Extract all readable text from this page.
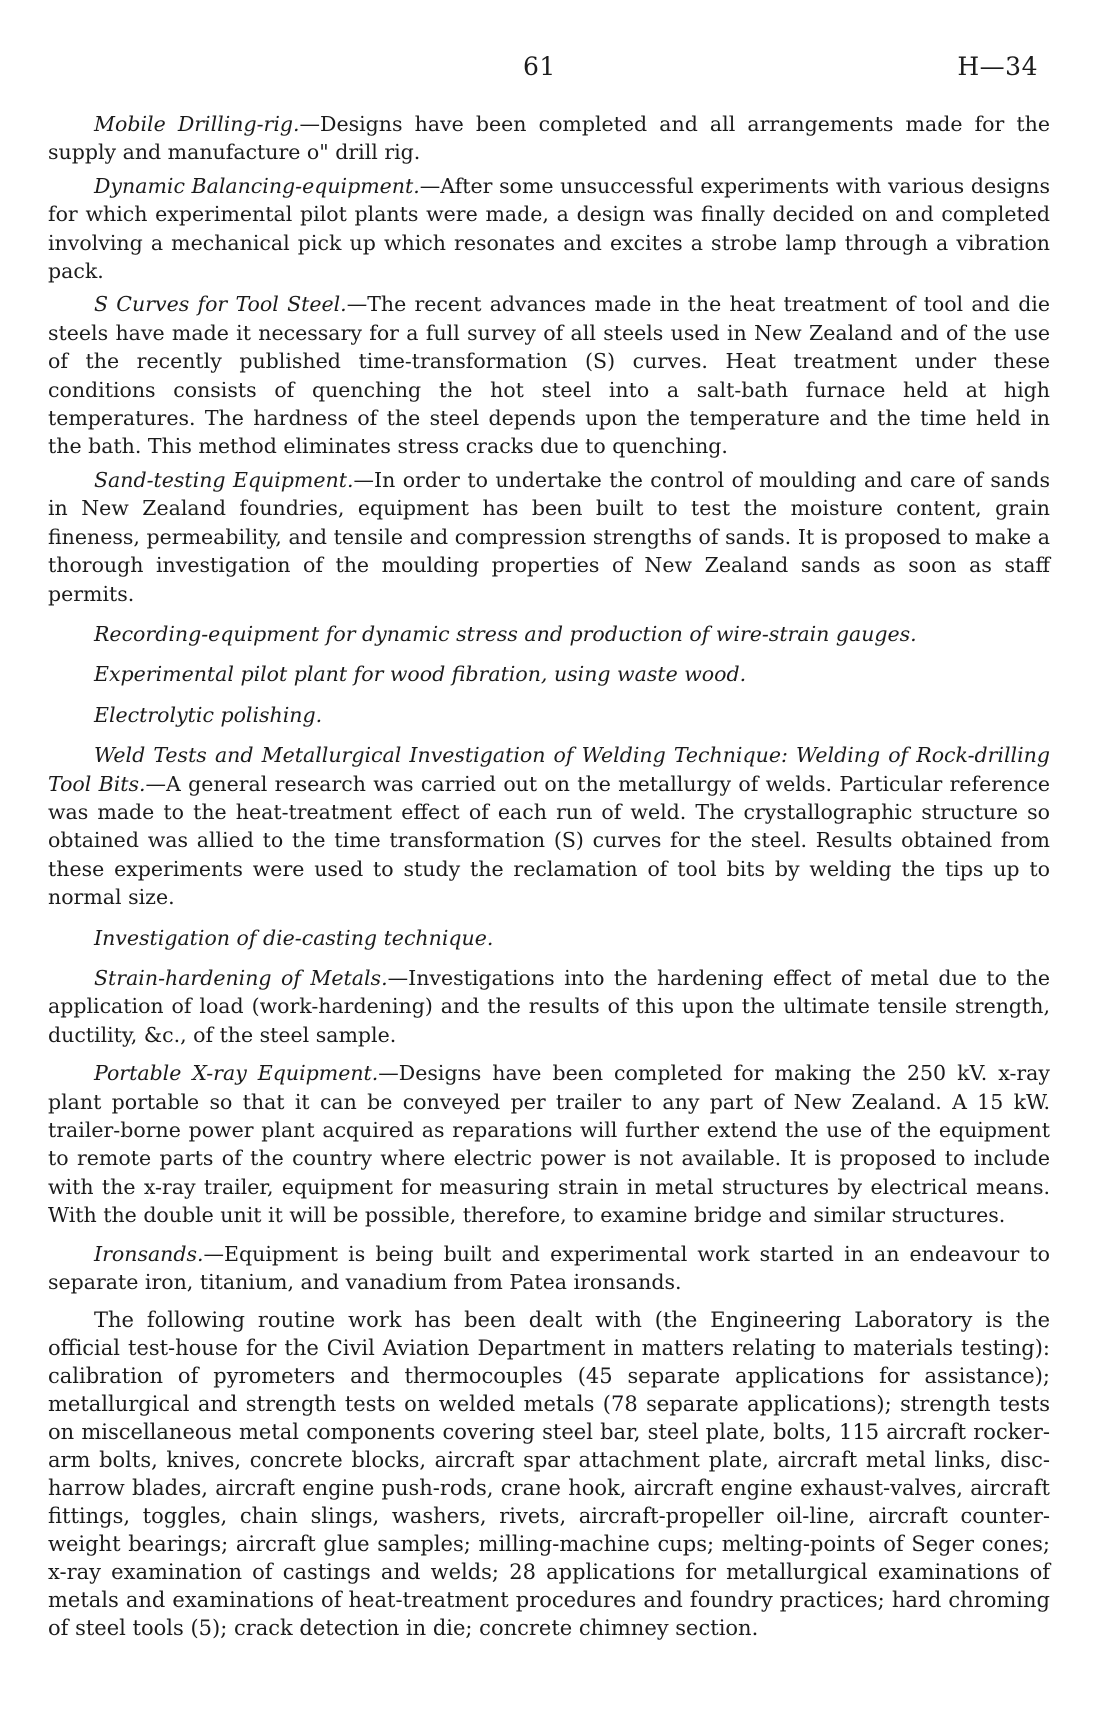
61	H—34

Mobile Drilling-rig.—Designs have been completed and all arrangements made for the supply and manufacture o" drill rig.

Dynamic Balancing-equipment.—After some unsuccessful experiments with various designs for which experimental pilot plants were made, a design was finally decided on and completed involving a mechanical pick up which resonates and excites a strobe lamp through a vibration pack.

S Curves for Tool Steel.—The recent advances made in the heat treatment of tool and die steels have made it necessary for a full survey of all steels used in New Zealand and of the use of the recently published time-transformation (S) curves. Heat treatment under these conditions consists of quenching the hot steel into a salt-bath furnace held at high temperatures. The hardness of the steel depends upon the temperature and the time held in the bath. This method eliminates stress cracks due to quenching.

Sand-testing Equipment.—In order to undertake the control of moulding and care of sands in New Zealand foundries, equipment has been built to test the moisture content, grain fineness, permeability, and tensile and compression strengths of sands. It is proposed to make a thorough investigation of the moulding properties of New Zealand sands as soon as staff permits.

Recording-equipment for dynamic stress and production of wire-strain gauges.

Experimental pilot plant for wood fibration, using waste wood.

Electrolytic polishing.

Weld Tests and Metallurgical Investigation of Welding Technique: Welding of Rock-drilling Tool Bits.—A general research was carried out on the metallurgy of welds. Particular reference was made to the heat-treatment effect of each run of weld. The crystallographic structure so obtained was allied to the time transformation (S) curves for the steel. Results obtained from these experiments were used to study the reclamation of tool bits by welding the tips up to normal size.

Investigation of die-casting technique.

Strain-hardening of Metals.—Investigations into the hardening effect of metal due to the application of load (work-hardening) and the results of this upon the ultimate tensile strength, ductility, &c., of the steel sample.

Portable X-ray Equipment.—Designs have been completed for making the 250 kV. x-ray plant portable so that it can be conveyed per trailer to any part of New Zealand. A 15 kW. trailer-borne power plant acquired as reparations will further extend the use of the equipment to remote parts of the country where electric power is not available. It is proposed to include with the x-ray trailer, equipment for measuring strain in metal structures by electrical means. With the double unit it will be possible, therefore, to examine bridge and similar structures.

Ironsands.—Equipment is being built and experimental work started in an endeavour to separate iron, titanium, and vanadium from Patea ironsands.

The following routine work has been dealt with (the Engineering Laboratory is the official test-house for the Civil Aviation Department in matters relating to materials testing): calibration of pyrometers and thermocouples (45 separate applications for assistance); metallurgical and strength tests on welded metals (78 separate applications); strength tests on miscellaneous metal components covering steel bar, steel plate, bolts, 115 aircraft rocker-arm bolts, knives, concrete blocks, aircraft spar attachment plate, aircraft metal links, disc-harrow blades, aircraft engine push-rods, crane hook, aircraft engine exhaust-valves, aircraft fittings, toggles, chain slings, washers, rivets, aircraft-propeller oil-line, aircraft counter-weight bearings; aircraft glue samples; milling-machine cups; melting-points of Seger cones; x-ray examination of castings and welds; 28 applications for metallurgical examinations of metals and examinations of heat-treatment procedures and foundry practices; hard chroming of steel tools (5); crack detection in die; concrete chimney section.
